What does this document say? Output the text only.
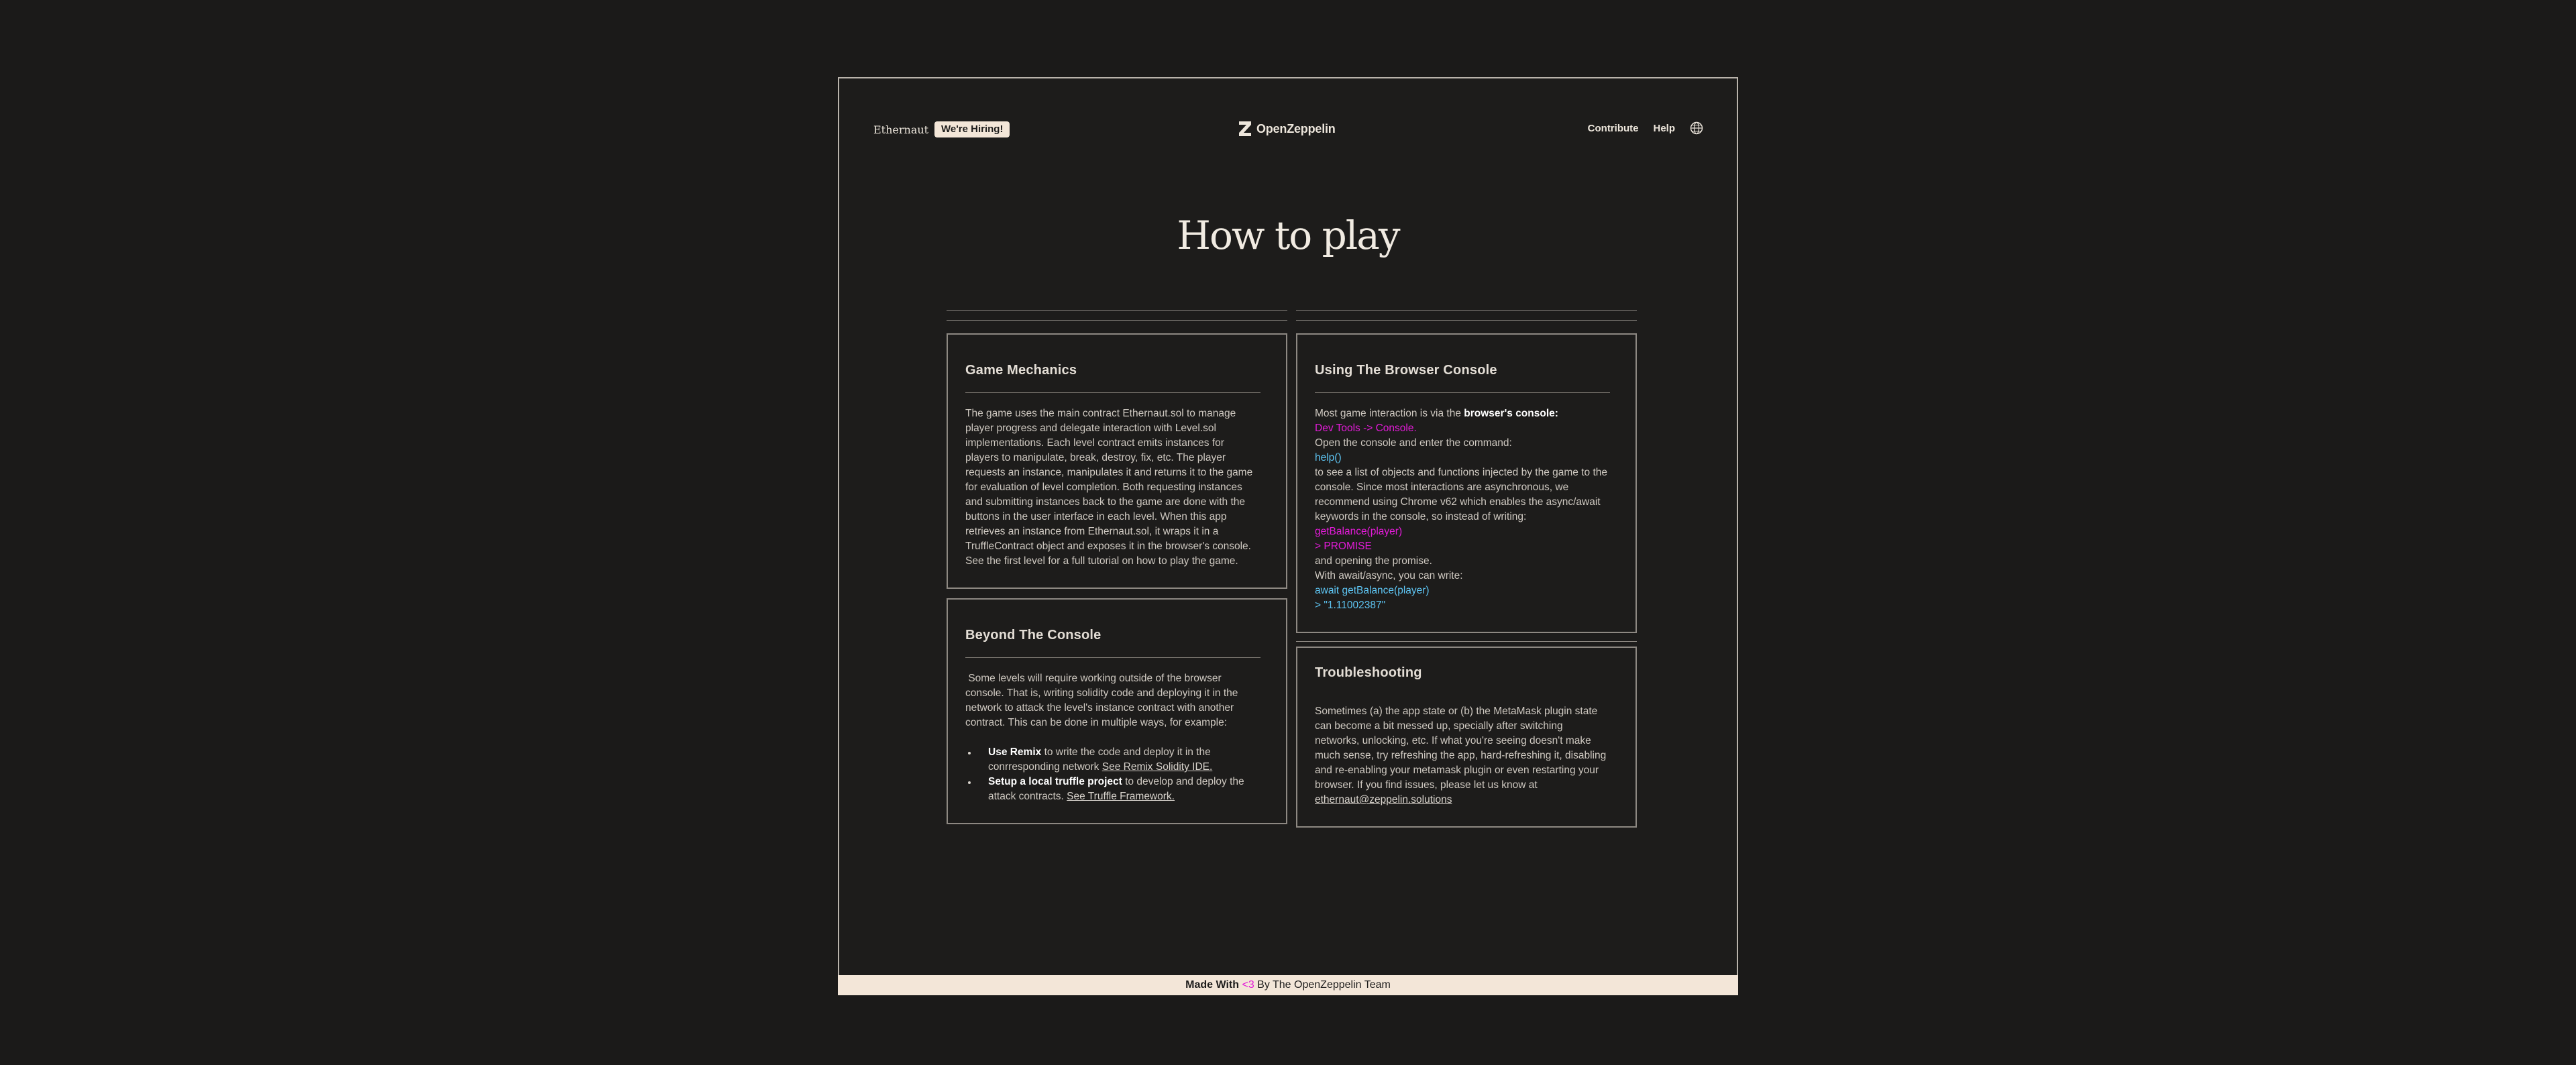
Ethernaut	We're Hiring!	OpenZeppelin	Contribute Help
How to play
Game Mechanics

The game uses the main contract Ethernaut.sol to manage player progress and delegate interaction with Level.sol implementations. Each level contract emits instances for players to manipulate, break, destroy, fix, etc. The player requests an instance, manipulates it and returns it to the game for evaluation of level completion. Both requesting instances and submitting instances back to the game are done with the buttons in the user interface in each level. When this app retrieves an instance from Ethernaut.sol, it wraps it in a TruffleContract object and exposes it in the browser's console. See the first level for a full tutorial on how to play the game.

Beyond The Console

Some levels will require working outside of the browser console. That is, writing solidity code and deploying it in the network to attack the level's instance contract with another contract. This can be done in multiple ways, for example:

Use Remix to write the code and deploy it in the conrresponding network See Remix Solidity IDE.
Setup a local truffle project to develop and deploy the attack contracts. See Truffle Framework.
Using The Browser Console

Most game interaction is via the browser's console:

Dev Tools -> Console.

Open the console and enter the command:

help()

to see a list of objects and functions injected by the game to the console. Since most interactions are asynchronous, we recommend using Chrome v62 which enables the async/await keywords in the console, so instead of writing:

getBalance(player)

> PROMISE

and opening the promise.

With await/async, you can write:

await getBalance(player)

> "1.11002387"

Troubleshooting

Sometimes (a) the app state or (b) the MetaMask plugin state can become a bit messed up, specially after switching networks, unlocking, etc. If what you're seeing doesn't make much sense, try refreshing the app, hard-refreshing it, disabling and re-enabling your metamask plugin or even restarting your browser. If you find issues, please let us know at ethernaut@zeppelin.solutions

Made With <3 By The OpenZeppelin Team
